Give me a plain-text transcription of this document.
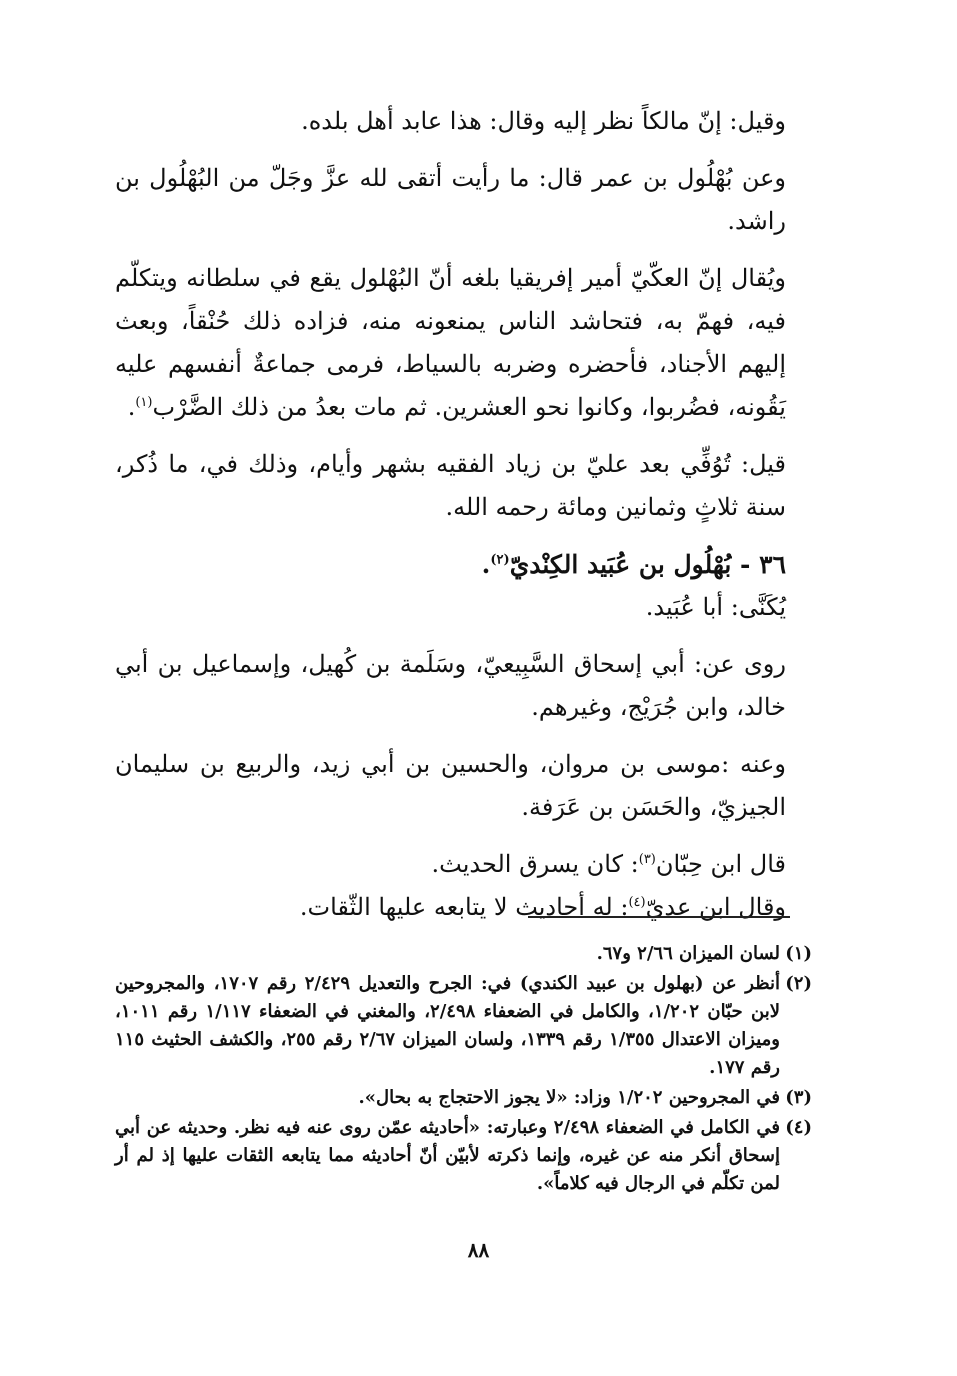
وقيل: إنّ مالكاً نظر إليه وقال: هذا عابد أهل بلده.

وعن بُهْلُول بن عمر قال: ما رأيت أتقى لله عزَّ وجَلّ من البُهْلُول بن راشد.

ويُقال إنّ العكّيّ أمير إفريقيا بلغه أنّ البُهْلول يقع في سلطانه ويتكلّم فيه، فهمّ به، فتحاشد الناس يمنعونه منه، فزاده ذلك حُنْقاً، وبعث إليهم الأجناد، فأحضره وضربه بالسياط، فرمى جماعةٌ أنفسهم عليه يَقُونه، فضُربوا، وكانوا نحو العشرين. ثم مات بعدُ من ذلك الضَّرْب$^{(١)}$.

قيل: تُوُفِّي بعد عليّ بن زياد الفقيه بشهر وأيام، وذلك في، ما ذُكر، سنة ثلاثٍ وثمانين ومائة رحمه الله.

٣٦ - بُهْلُول بن عُبَيد الكِنْديّ$^{(٢)}$.

يُكَنَّى: أبا عُبَيد.

روى عن: أبي إسحاق السَّبِيعيّ، وسَلَمة بن كُهيل، وإسماعيل بن أبي خالد، وابن جُرَيْج، وغيرهم.

وعنه :موسى بن مروان، والحسين بن أبي زيد، والربيع بن سليمان الجيزيّ، والحَسَن بن عَرَفة.

قال ابن حِبّان$^{(٣)}$: كان يسرق الحديث.

وقال ابن عديّ$^{(٤)}$: له أحاديث لا يتابعه عليها الثّقات.

(١)
لسان الميزان ٢/٦٦ و٦٧.
(٢)
أنظر عن (بهلول بن عبيد الكندي) في: الجرح والتعديل ٢/٤٢٩ رقم ١٧٠٧، والمجروحين لابن حبّان ١/٢٠٢، والكامل في الضعفاء ٢/٤٩٨، والمغني في الضعفاء ١/١١٧ رقم ١٠١١، وميزان الاعتدال ١/٣٥٥ رقم ١٣٣٩، ولسان الميزان ٢/٦٧ رقم ٢٥٥، والكشف الحثيث ١١٥ رقم ١٧٧.
(٣)
في المجروحين ١/٢٠٢ وزاد: «لا يجوز الاحتجاج به بحال».
(٤)
في الكامل في الضعفاء ٢/٤٩٨ وعبارته: «أحاديثه عمّن روى عنه فيه نظر. وحديثه عن أبي إسحاق أنكر منه عن غيره، وإنما ذكرته لأبيّن أنّ أحاديثه مما يتابعه الثقات عليها إذ لم أر لمن تكلّم في الرجال فيه كلاماً».
٨٨
